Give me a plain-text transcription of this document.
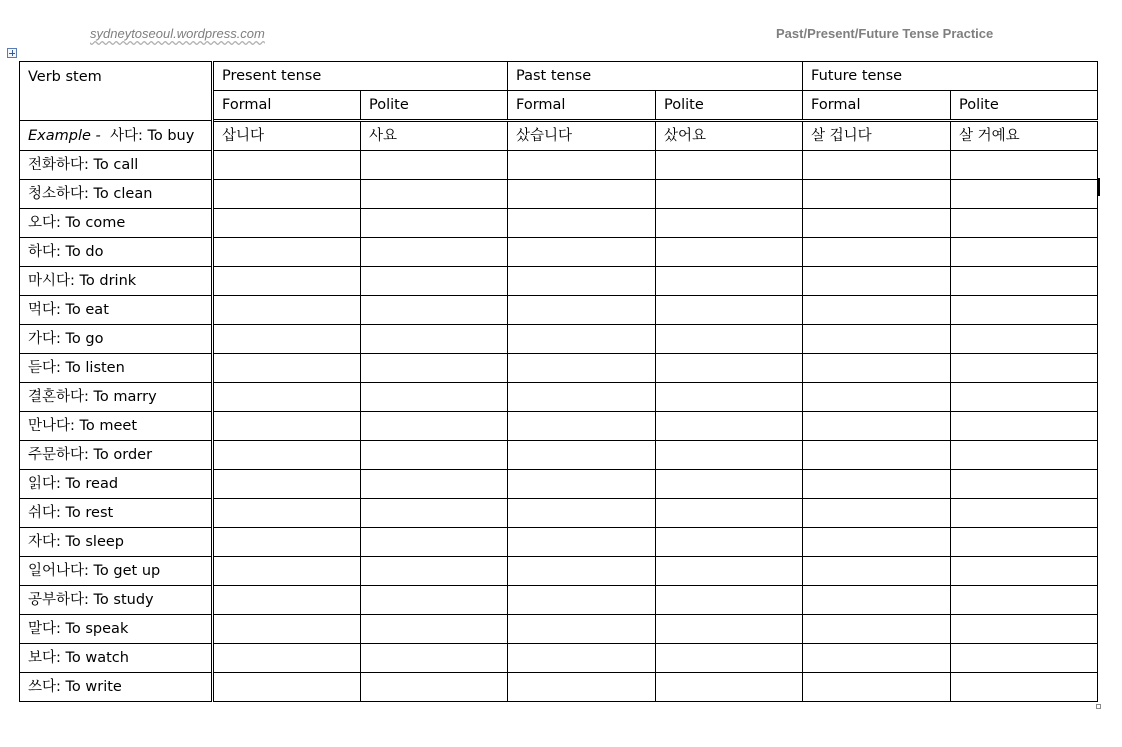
sydneytoseoul.wordpress.com	Past/Present/Future Tense Practice
Verb stem	Present tense		Past tense		Future tense	
	Formal	Polite	Formal	Polite	Formal	Polite
Example - 사다: To buy	삽니다	사요	샀습니다	샀어요	살 겁니다	살 거예요
전화하다: To call						
청소하다: To clean						
오다: To come						
하다: To do						
마시다: To drink						
먹다: To eat						
가다: To go						
듣다: To listen						
결혼하다: To marry						
만나다: To meet						
주문하다: To order						
읽다: To read						
쉬다: To rest						
자다: To sleep						
일어나다: To get up						
공부하다: To study						
말다: To speak						
보다: To watch						
쓰다: To write						
